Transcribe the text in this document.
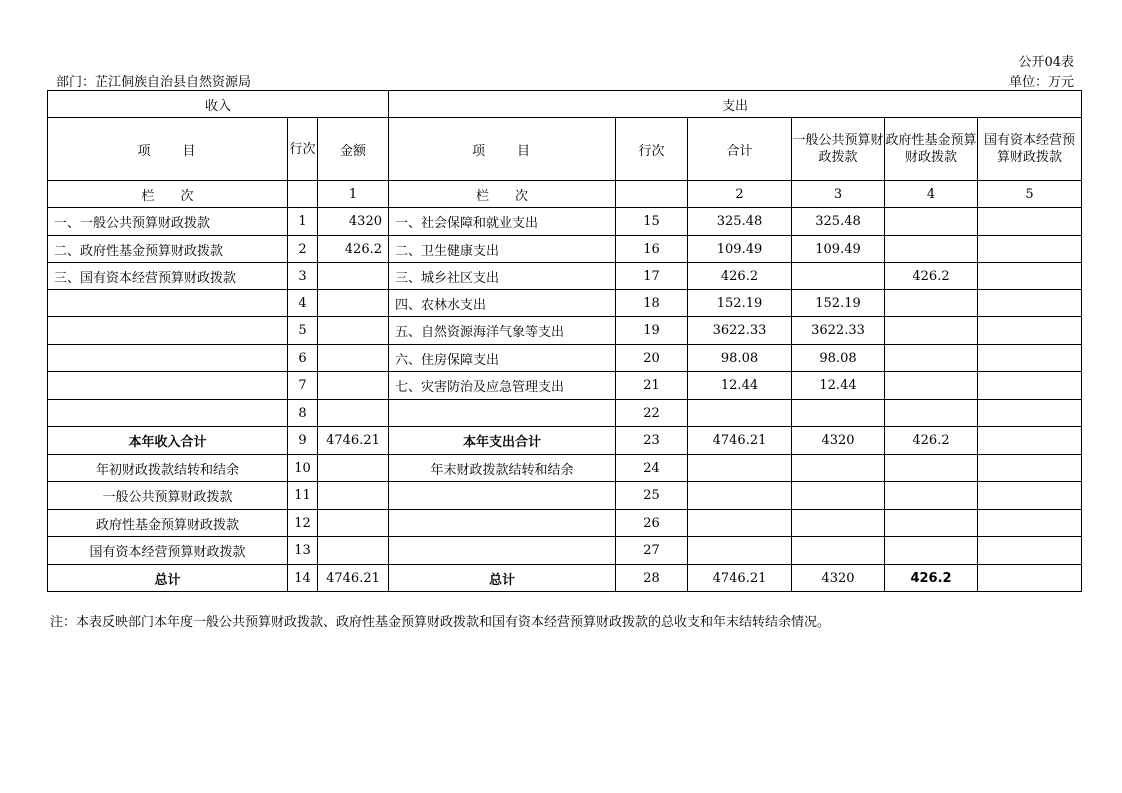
公开04表
部门：芷江侗族自治县自然资源局	单位：万元
收入			支出					
项　　目	行次	金额	项　　目	行次	合计	一般公共预算财政拨款	政府性基金预算财政拨款	国有资本经营预算财政拨款
栏　　次		1	栏　　次		2	3	4	5
一、一般公共预算财政拨款	1	4320	一、社会保障和就业支出	15	325.48	325.48		
二、政府性基金预算财政拨款	2	426.2	二、卫生健康支出	16	109.49	109.49		
三、国有资本经营预算财政拨款	3		三、城乡社区支出	17	426.2		426.2	
	4		四、农林水支出	18	152.19	152.19		
	5		五、自然资源海洋气象等支出	19	3622.33	3622.33		
	6		六、住房保障支出	20	98.08	98.08		
	7		七、灾害防治及应急管理支出	21	12.44	12.44		
	8			22				
本年收入合计	9	4746.21	本年支出合计	23	4746.21	4320	426.2	
年初财政拨款结转和结余	10		年末财政拨款结转和结余	24				
一般公共预算财政拨款	11			25				
政府性基金预算财政拨款	12			26				
国有资本经营预算财政拨款	13			27				
总计	14	4746.21	总计	28	4746.21	4320	426.2	
注：本表反映部门本年度一般公共预算财政拨款、政府性基金预算财政拨款和国有资本经营预算财政拨款的总收支和年末结转结余情况。
